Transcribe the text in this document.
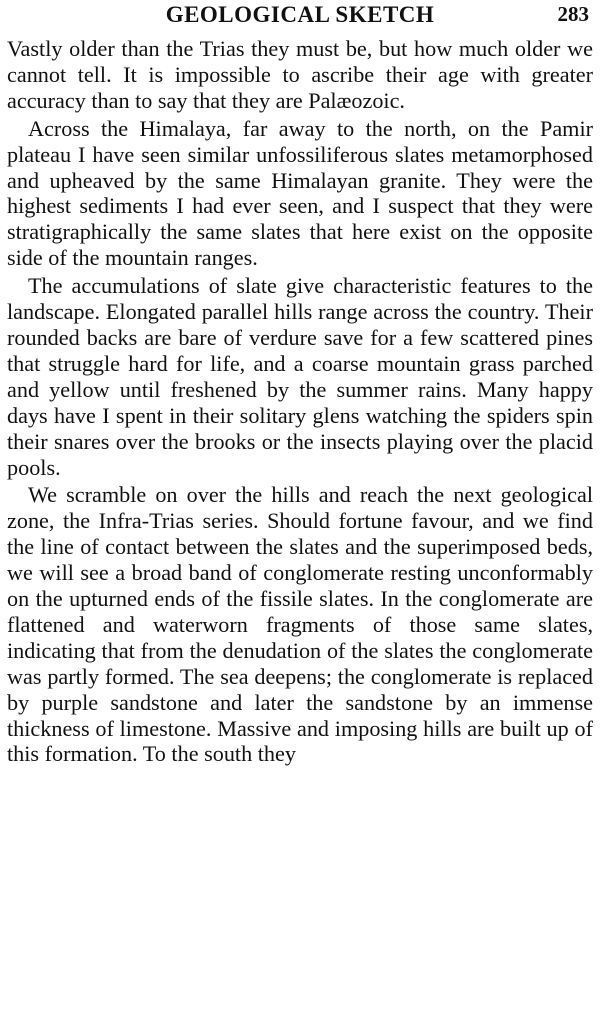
GEOLOGICAL SKETCH	283

Vastly older than the Trias they must be, but how much older we cannot tell. It is impossible to ascribe their age with greater accuracy than to say that they are Palæozoic.

Across the Himalaya, far away to the north, on the Pamir plateau I have seen similar unfossiliferous slates metamorphosed and upheaved by the same Himalayan granite. They were the highest sediments I had ever seen, and I suspect that they were stratigraphically the same slates that here exist on the opposite side of the mountain ranges.

The accumulations of slate give characteristic features to the landscape. Elongated parallel hills range across the country. Their rounded backs are bare of verdure save for a few scattered pines that struggle hard for life, and a coarse mountain grass parched and yellow until freshened by the summer rains. Many happy days have I spent in their solitary glens watching the spiders spin their snares over the brooks or the insects playing over the placid pools.

We scramble on over the hills and reach the next geological zone, the Infra-Trias series. Should fortune favour, and we find the line of contact between the slates and the superimposed beds, we will see a broad band of conglomerate resting unconformably on the upturned ends of the fissile slates. In the conglomerate are flattened and waterworn fragments of those same slates, indicating that from the denudation of the slates the conglomerate was partly formed. The sea deepens; the conglomerate is replaced by purple sandstone and later the sandstone by an immense thickness of limestone. Massive and imposing hills are built up of this formation. To the south they
